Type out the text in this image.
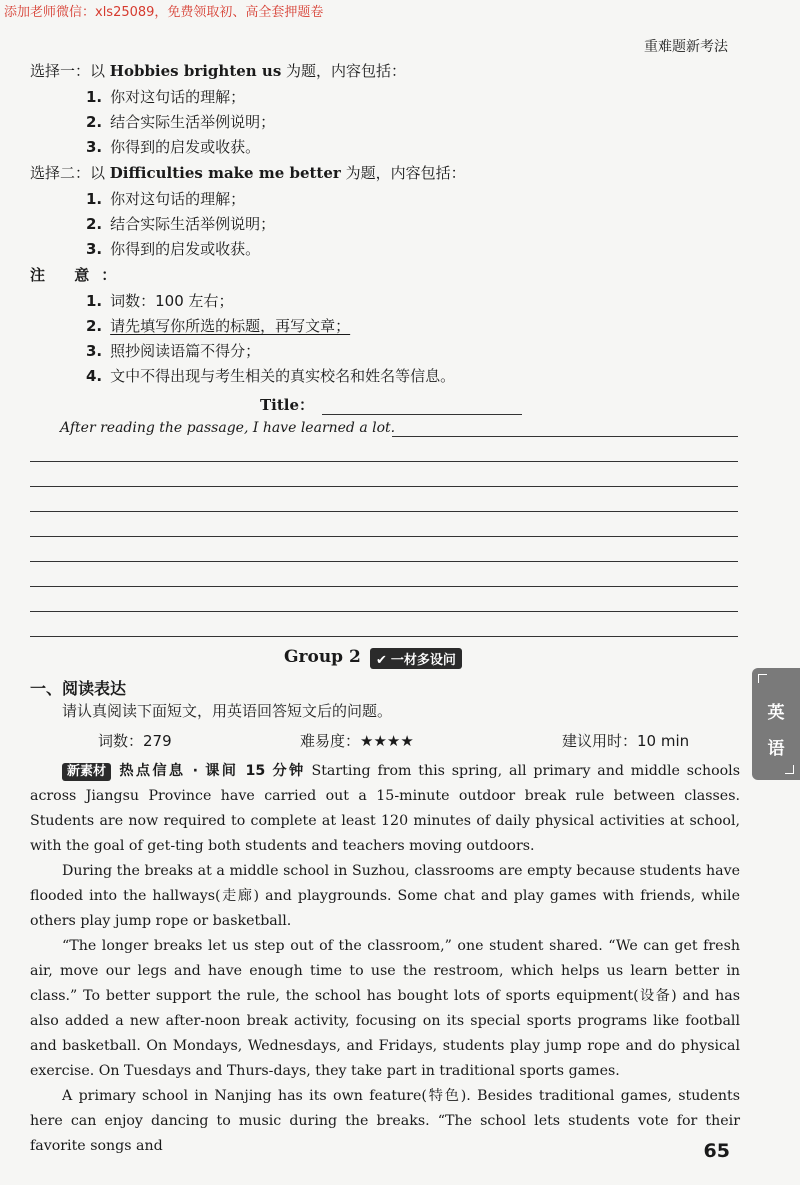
添加老师微信：xls25089，免费领取初、高全套押题卷
重难题新考法
选择一：以 Hobbies brighten us 为题，内容包括：
1. 你对这句话的理解；
2. 结合实际生活举例说明；
3. 你得到的启发或收获。
选择二：以 Difficulties make me better 为题，内容包括：
1. 你对这句话的理解；
2. 结合实际生活举例说明；
3. 你得到的启发或收获。
注 意：
1. 词数：100 左右；
2. 请先填写你所选的标题，再写文章；
3. 照抄阅读语篇不得分；
4. 文中不得出现与考生相关的真实校名和姓名等信息。
Title：
After reading the passage, I have learned a lot.
Group 2	✔ 一材多设问
一、阅读表达
请认真阅读下面短文，用英语回答短文后的问题。
词数：279	难易度：★★★★	建议用时：10 min
英
语

新素材 热点信息 · 课间 15 分钟 Starting from this spring, all primary and middle schools across Jiangsu Province have carried out a 15-minute outdoor break rule between classes. Students are now required to complete at least 120 minutes of daily physical activities at school, with the goal of get-ting both students and teachers moving outdoors.

During the breaks at a middle school in Suzhou, classrooms are empty because students have flooded into the hallways(走廊) and playgrounds. Some chat and play games with friends, while others play jump rope or basketball.

“The longer breaks let us step out of the classroom,” one student shared. “We can get fresh air, move our legs and have enough time to use the restroom, which helps us learn better in class.” To better support the rule, the school has bought lots of sports equipment(设备) and has also added a new after-noon break activity, focusing on its special sports programs like football and basketball. On Mondays, Wednesdays, and Fridays, students play jump rope and do physical exercise. On Tuesdays and Thurs-days, they take part in traditional sports games.

A primary school in Nanjing has its own feature(特色). Besides traditional games, students here can enjoy dancing to music during the breaks. “The school lets students vote for their favorite songs and	65
